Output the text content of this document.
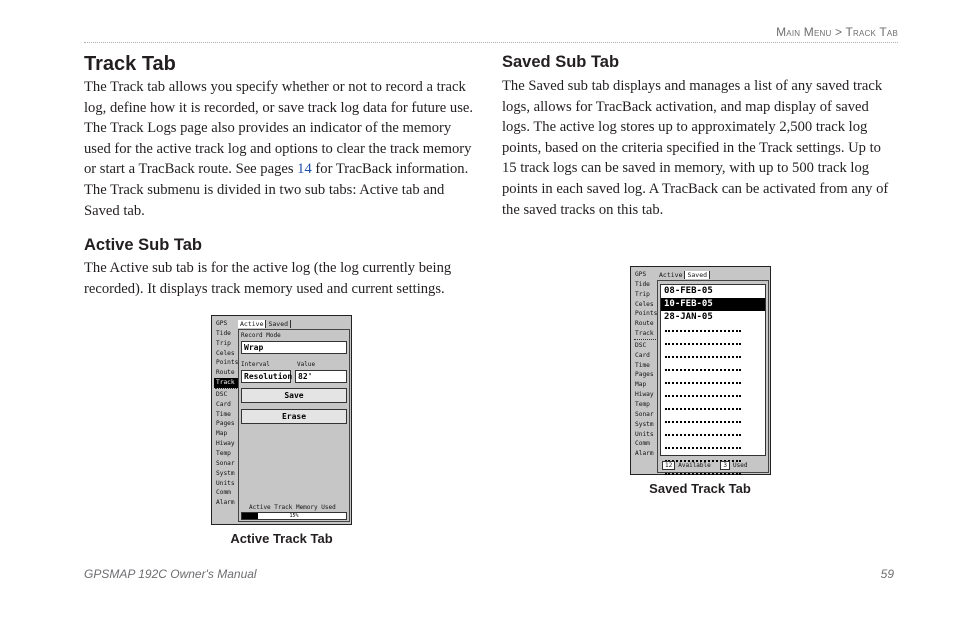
Main Menu > Track Tab
Track Tab

The Track tab allows you specify whether or not to record a track log, define how it is recorded, or save track log data for future use. The Track Logs page also provides an indicator of the memory used for the active track log and options to clear the track memory or start a TracBack route. See pages 14 for TracBack information. The Track submenu is divided in two sub tabs: Active tab and Saved tab.

Active Sub Tab

The Active sub tab is for the active log (the log currently being recorded). It displays track memory used and current settings.

Saved Sub Tab

The Saved sub tab displays and manages a list of any saved track logs, allows for TracBack activation, and map display of saved logs. The active log stores up to approximately 2,500 track log points, based on the criteria specified in the Track settings. Up to 15 track logs can be saved in memory, with up to 500 track log points in each saved log. A TracBack can be activated from any of the saved tracks on this tab.

GPS
Tide
Trip
Celes
Points
Route
Track
DSC
Card
Time
Pages
Map
Hiway
Temp
Sonar
Systm
Units
Comm
Alarm
Active Saved
Record Mode
Wrap
Interval	Value
Resolution 82'
Save
Erase
Active Track Memory Used
15%
Active Track Tab
GPS
Tide
Trip
Celes
Points
Route
Track
DSC
Card
Time
Pages
Map
Hiway
Temp
Sonar
Systm
Units
Comm
Alarm
Active Saved
08-FEB-05
10-FEB-05
28-JAN-05
12 Available 3 Used
Saved Track Tab
GPSMAP 192C Owner's Manual	59
